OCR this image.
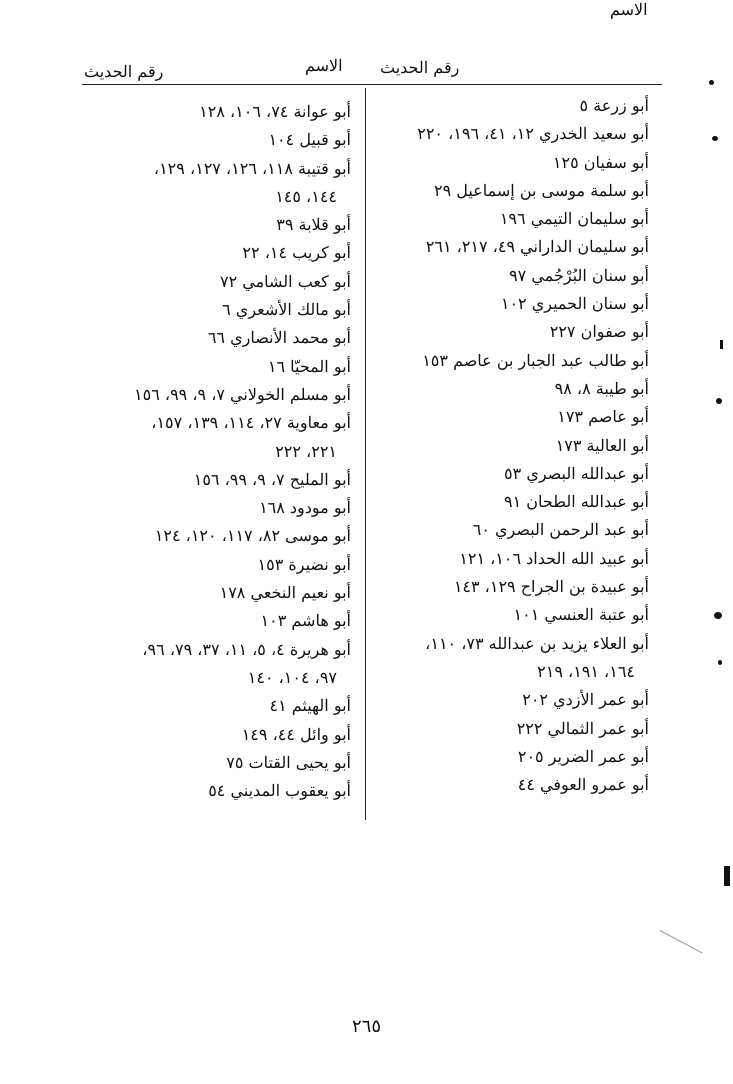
الاسم
رقم الحديث
الاسم
رقم الحديث
أبو زرعة ٥
أبو سعيد الخدري ١٢، ٤١، ١٩٦، ٢٢٠
أبو سفيان ١٢٥
أبو سلمة موسى بن إسماعيل ٢٩
أبو سليمان التيمي ١٩٦
أبو سليمان الداراني ٤٩، ٢١٧، ٢٦١
أبو سنان البُرْجُمي ٩٧
أبو سنان الحميري ١٠٢
أبو صفوان ٢٢٧
أبو طالب عبد الجبار بن عاصم ١٥٣
أبو طيبة ٨، ٩٨
أبو عاصم ١٧٣
أبو العالية ١٧٣
أبو عبدالله البصري ٥٣
أبو عبدالله الطحان ٩١
أبو عبد الرحمن البصري ٦٠
أبو عبيد الله الحداد ١٠٦، ١٢١
أبو عبيدة بن الجراح ١٢٩، ١٤٣
أبو عتبة العنسي ١٠١
أبو العلاء يزيد بن عبدالله ٧٣، ١١٠،
١٦٤، ١٩١، ٢١٩
أبو عمر الأزدي ٢٠٢
أبو عمر الثمالي ٢٢٢
أبو عمر الضرير ٢٠٥
أبو عمرو العوفي ٤٤
أبو عوانة ٧٤، ١٠٦، ١٢٨
أبو قبيل ١٠٤
أبو قتيبة ١١٨، ١٢٦، ١٢٧، ١٢٩،
١٤٤، ١٤٥
أبو قلابة ٣٩
أبو كريب ١٤، ٢٢
أبو كعب الشامي ٧٢
أبو مالك الأشعري ٦
أبو محمد الأنصاري ٦٦
أبو المحيّا ١٦
أبو مسلم الخولاني ٧، ٩، ٩٩، ١٥٦
أبو معاوية ٢٧، ١١٤، ١٣٩، ١٥٧،
٢٢١، ٢٢٢
أبو المليح ٧، ٩، ٩٩، ١٥٦
أبو مودود ١٦٨
أبو موسى ٨٢، ١١٧، ١٢٠، ١٢٤
أبو نضيرة ١٥٣
أبو نعيم النخعي ١٧٨
أبو هاشم ١٠٣
أبو هريرة ٤، ٥، ١١، ٣٧، ٧٩، ٩٦،
٩٧، ١٠٤، ١٤٠
أبو الهيثم ٤١
أبو وائل ٤٤، ١٤٩
أبو يحيى القتات ٧٥
أبو يعقوب المديني ٥٤
٢٦٥
